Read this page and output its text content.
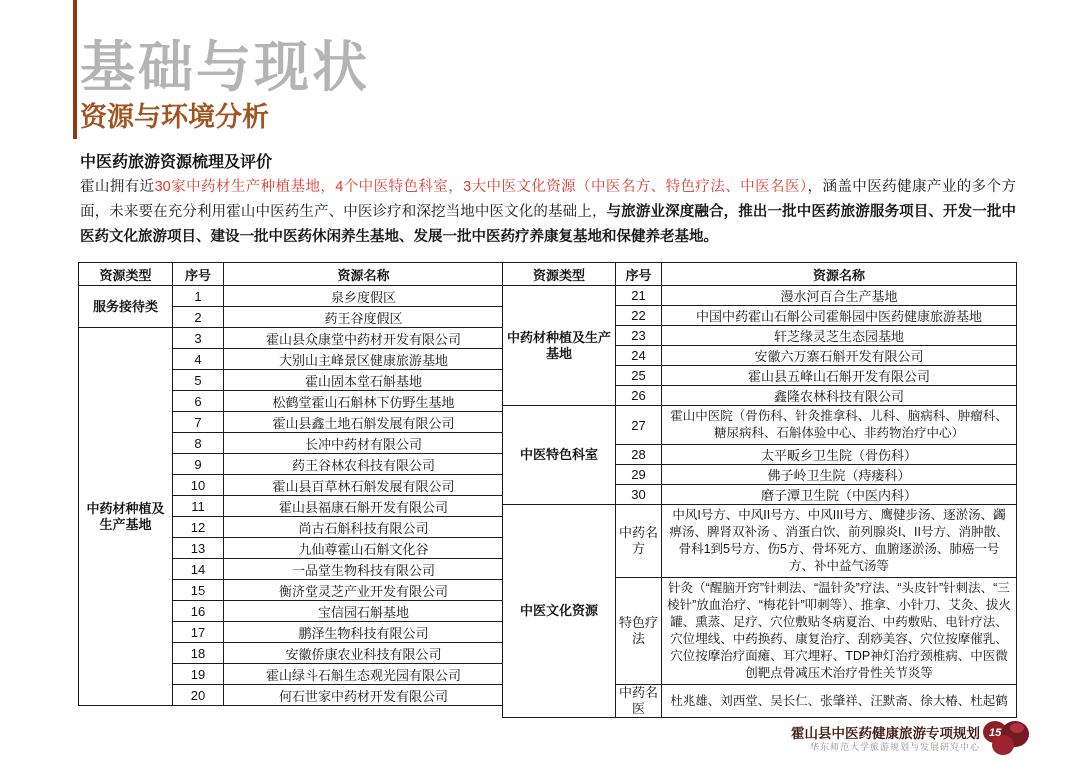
基础与现状
资源与环境分析
中医药旅游资源梳理及评价
霍山拥有近30家中药材生产种植基地，4个中医特色科室，3大中医文化资源（中医名方、特色疗法、中医名医），涵盖中医药健康产业的多个方面，未来要在充分利用霍山中医药生产、中医诊疗和深挖当地中医文化的基础上，与旅游业深度融合，推出一批中医药旅游服务项目、开发一批中医药文化旅游项目、建设一批中医药休闲养生基地、发展一批中医药疗养康复基地和保健养老基地。
资源类型	序号	资源名称
服务接待类	1	泉乡度假区
	2	药王谷度假区
中药材种植及生产基地	3	霍山县众康堂中药材开发有限公司
	4	大别山主峰景区健康旅游基地
	5	霍山固本堂石斛基地
	6	松鹤堂霍山石斛林下仿野生基地
	7	霍山县鑫土地石斛发展有限公司
	8	长冲中药材有限公司
	9	药王谷林农科技有限公司
	10	霍山县百草林石斛发展有限公司
	11	霍山县福康石斛开发有限公司
	12	尚古石斛科技有限公司
	13	九仙尊霍山石斛文化谷
	14	一品堂生物科技有限公司
	15	衡济堂灵芝产业开发有限公司
	16	宝信园石斛基地
	17	鹏泽生物科技有限公司
	18	安徽侨康农业科技有限公司
	19	霍山绿斗石斛生态观光园有限公司
	20	何石世家中药材开发有限公司
资源类型	序号	资源名称
中药材种植及生产基地	21	漫水河百合生产基地
	22	中国中药霍山石斛公司霍斛园中医药健康旅游基地
	23	轩芝缘灵芝生态园基地
	24	安徽六万寨石斛开发有限公司
	25	霍山县五峰山石斛开发有限公司
	26	鑫隆农林科技有限公司
中医特色科室	27	霍山中医院（骨伤科、针灸推拿科、儿科、脑病科、肿瘤科、糖尿病科、石斛体验中心、非药物治疗中心）
	28	太平畈乡卫生院（骨伤科）
	29	佛子岭卫生院（痔瘘科）
	30	磨子潭卫生院（中医内科）
中医文化资源	中药名方	中风I号方、中风II号方、中风III号方、鹰健步汤、逐淤汤、蠲痹汤、脾肾双补汤 、消蛋白饮、前列腺炎I、II号方、消肿散、骨科1到5号方、伤5方、骨坏死方、血腑逐淤汤、肺癌一号方、补中益气汤等
	特色疗法	针灸（“醒脑开窍”针刺法、“温针灸”疗法、“头皮针”针刺法、“三棱针”放血治疗、“梅花针”叩刺等）、推拿、小针刀、艾灸、拔火罐、熏蒸、足疗、穴位敷贴冬病夏治、中药敷贴、电针疗法、穴位埋线、中药换药、康复治疗、刮痧美容、穴位按摩催乳、穴位按摩治疗面瘫、耳穴埋籽、TDP神灯治疗颈椎病、中医微创靶点骨减压术治疗骨性关节炎等
	中药名医	杜兆雄、刘西堂、吴长仁、张肇祥、汪默斋、徐大椿、杜起鹤
霍山县中医药健康旅游专项规划
华东师范大学旅游规划与发展研究中心
15
